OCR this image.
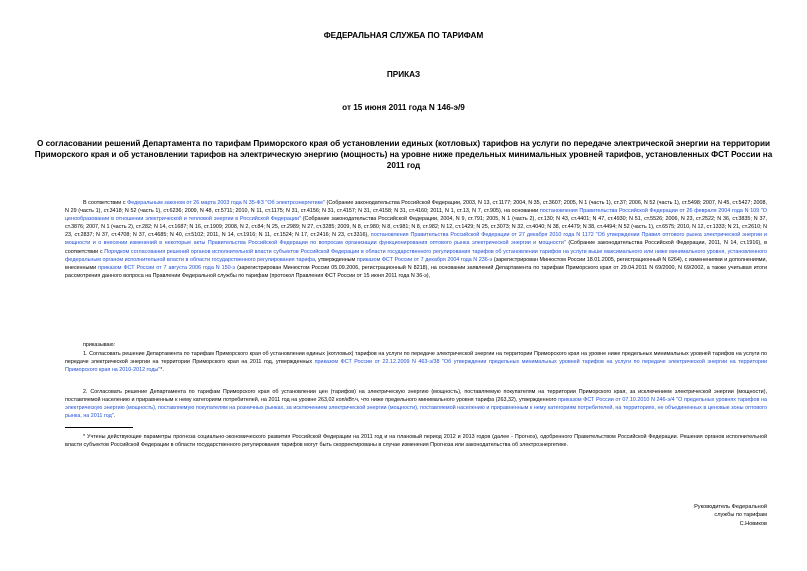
ФЕДЕРАЛЬНАЯ СЛУЖБА ПО ТАРИФАМ
ПРИКАЗ
от 15 июня 2011 года N 146-э/9
О согласовании решений Департамента по тарифам Приморского края об установлении единых (котловых) тарифов на услуги по передаче электрической энергии на территории Приморского края и об установлении тарифов на электрическую энергию (мощность) на уровне ниже предельных минимальных уровней тарифов, установленных ФСТ России на 2011 год
В соответствии с Федеральным законом от 26 марта 2003 года N 35-ФЗ "Об электроэнергетике" (Собрание законодательства Российской Федерации, 2003, N 13, ст.1177; 2004, N 35, ст.3607; 2005, N 1 (часть 1), ст.37; 2006, N 52 (часть 1), ст.5498; 2007, N 45, ст.5427; 2008, N 29 (часть 1), ст.3418; N 52 (часть 1), ст.6236; 2009, N 48, ст.5711; 2010, N 11, ст.1175; N 31, ст.4156; N 31, ст.4157; N 31, ст.4158; N 31, ст.4160; 2011, N 1, ст.13, N 7, ст.905), на основании постановления Правительства Российской Федерации от 26 февраля 2004 года N 109 "О ценообразовании в отношении электрической и тепловой энергии в Российской Федерации" (Собрание законодательства Российской Федерации, 2004, N 9, ст.791; 2005, N 1 (часть 2), ст.130; N 43, ст.4401; N 47, ст.4930; N 51, ст.5526; 2006, N 23, ст.2522; N 36, ст.3835; N 37, ст.3876; 2007, N 1 (часть 2), ст.282; N 14, ст.1687; N 16, ст.1909; 2008, N 2, ст.84; N 25, ст.2989; N 27, ст.3285; 2009, N 8, ст.980; N 8, ст.981; N 8, ст.982; N 12, ст.1429; N 25, ст.3073; N 32, ст.4040; N 38, ст.4479; N 38, ст.4494; N 52 (часть 1), ст.6575; 2010, N 12, ст.1333; N 21, ст.2610; N 23, ст.2837; N 37, ст.4708; N 37, ст.4685; N 40, ст.5102; 2011, N 14, ст.1916; N 11, ст.1524; N 17, ст.2416; N 23, ст.3316), постановления Правительства Российской Федерации от 27 декабря 2010 года N 1172 "Об утверждении Правил оптового рынка электрической энергии и мощности и о внесении изменений в некоторые акты Правительства Российской Федерации по вопросам организации функционирования оптового рынка электрической энергии и мощности" (Собрание законодательства Российской Федерации, 2011, N 14, ст.1916), в соответствии с Порядком согласования решений органов исполнительной власти субъектов Российской Федерации в области государственного регулирования тарифов об установлении тарифов на услуги выше максимального или ниже минимального уровня, установленного федеральным органом исполнительной власти в области государственного регулирования тарифа, утвержденным приказом ФСТ России от 7 декабря 2004 года N 236-э (зарегистрирован Минюстом России 18.01.2005, регистрационный N 6264), с изменениями и дополнениями, внесенными приказом ФСТ России от 7 августа 2006 года N 150-э (зарегистрирован Минюстом России 05.09.2006, регистрационный N 8218), на основании заявлений Департамента по тарифам Приморского края от 29.04.2011 N 69/2000, N 69/2002, а также учитывая итоги рассмотрения данного вопроса на Правлении Федеральной службы по тарифам (протокол Правления ФСТ России от 15 июня 2011 года N 36-э),
приказываю:
1. Согласовать решение Департамента по тарифам Приморского края об установлении единых (котловых) тарифов на услуги по передаче электрической энергии на территории Приморского края на уровне ниже предельных минимальных уровней тарифов на услуги по передаче электрической энергии на территории Приморского края на 2011 год, утвержденных приказом ФСТ России от 22.12.2009 N 463-э/38 "Об утверждении предельных минимальных уровней тарифов на услуги по передаче электрической энергии на территории Приморского края на 2010-2012 годы"*.
2. Согласовать решение Департамента по тарифам Приморского края об установлении цен (тарифов) на электрическую энергию (мощность), поставляемую покупателям на территории Приморского края, за исключением электрической энергии (мощности), поставляемой населению и приравненным к нему категориям потребителей, на 2011 год на уровне 263,02 коп/кВт.ч, что ниже предельного минимального уровня тарифа (263,32), утвержденного приказом ФСТ России от 07.10.2010 N 246-э/4 "О предельных уровнях тарифов на электрическую энергию (мощность), поставляемую покупателям на розничных рынках, за исключением электрической энергии (мощности), поставляемой населению и приравненным к нему категориям потребителей, на территориях, не объединенных в ценовые зоны оптового рынка, на 2011 год".
* Учтены действующие параметры прогноза социально-экономического развития Российской Федерации на 2011 год и на плановый период 2012 и 2013 годов (далее - Прогноз), одобренного Правительством Российской Федерации. Решения органов исполнительной власти субъектов Российской Федерации в области государственного регулирования тарифов могут быть скорректированы в случае изменения Прогноза или законодательства об электроэнергетике.
Руководитель Федеральной
службы по тарифам
С.Новиков
